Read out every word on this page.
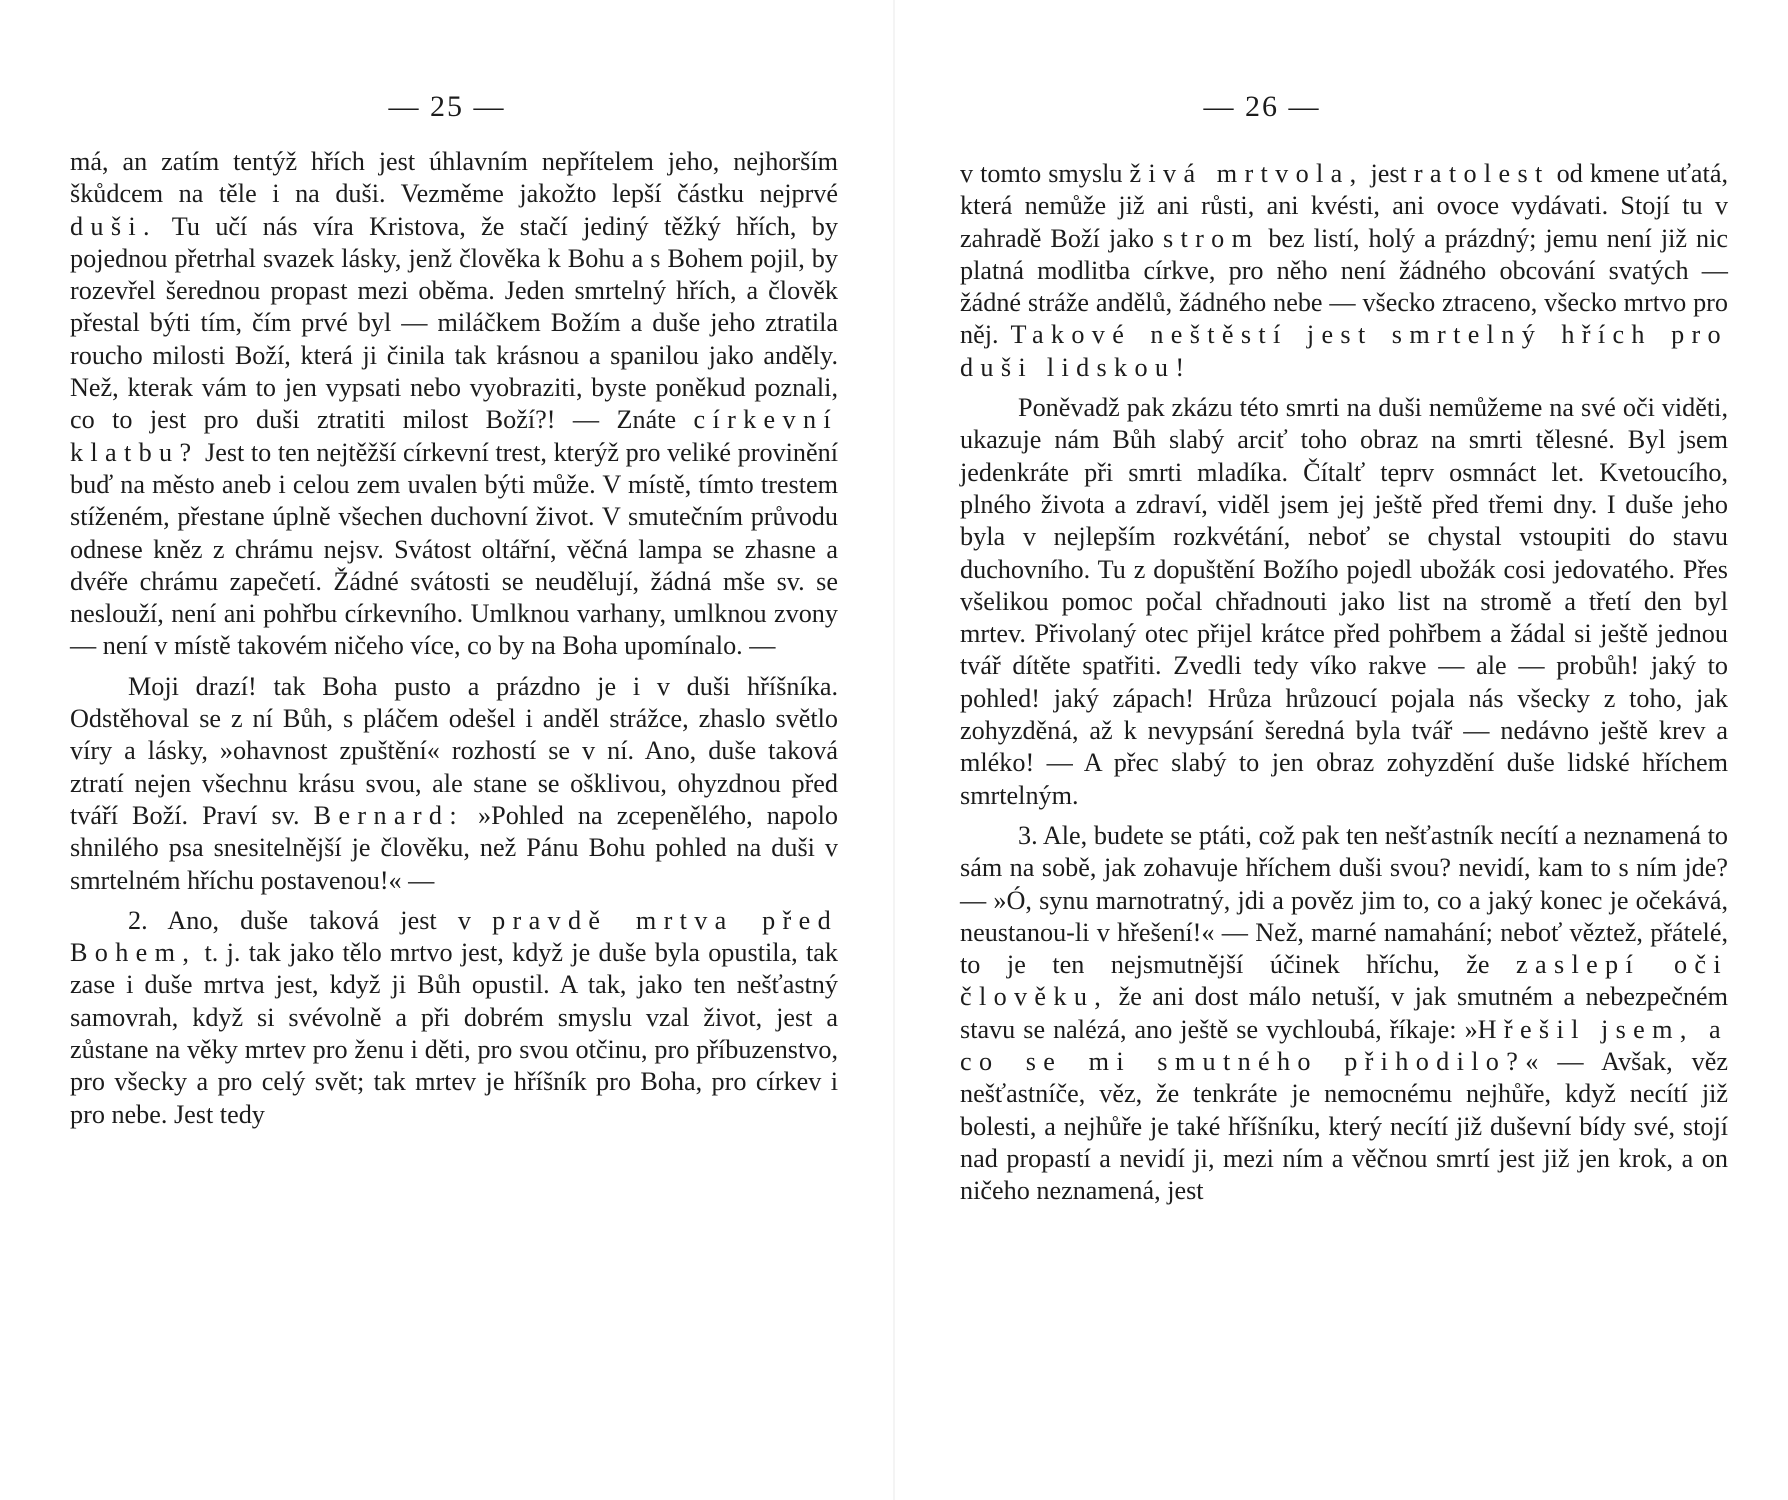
— 25 —

má, an zatím tentýž hřích jest úhlavním nepřítelem jeho, nejhorším škůdcem na těle i na duši. Vezměme jakožto lepší částku nejprvé duši. Tu učí nás víra Kristova, že stačí jediný těžký hřích, by pojednou přetrhal svazek lásky, jenž člověka k Bohu a s Bohem pojil, by rozevřel šerednou propast mezi oběma. Jeden smrtelný hřích, a člověk přestal býti tím, čím prvé byl — miláčkem Božím a duše jeho ztratila roucho milosti Boží, která ji činila tak krásnou a spanilou jako anděly. Než, kterak vám to jen vypsati nebo vyobraziti, byste poněkud poznali, co to jest pro duši ztratiti milost Boží?! — Znáte církevní klatbu? Jest to ten nejtěžší církevní trest, kterýž pro veliké provinění buď na město aneb i celou zem uvalen býti může. V místě, tímto trestem stíženém, přestane úplně všechen duchovní život. V smutečním průvodu odnese kněz z chrámu nejsv. Svátost oltářní, věčná lampa se zhasne a dvéře chrámu zapečetí. Žádné svátosti se neudělují, žádná mše sv. se neslouží, není ani pohřbu církevního. Umlknou varhany, umlknou zvony — není v místě takovém ničeho více, co by na Boha upomínalo. —

Moji drazí! tak Boha pusto a prázdno je i v duši hříšníka. Odstěhoval se z ní Bůh, s pláčem odešel i anděl strážce, zhaslo světlo víry a lásky, »ohavnost zpuštění« rozhostí se v ní. Ano, duše taková ztratí nejen všechnu krásu svou, ale stane se ošklivou, ohyzdnou před tváří Boží. Praví sv. Bernard: »Pohled na zcepenělého, napolo shnilého psa snesitelnější je člověku, než Pánu Bohu pohled na duši v smrtelném hříchu postavenou!« —

2. Ano, duše taková jest v pravdě mrtva před Bohem, t. j. tak jako tělo mrtvo jest, když je duše byla opustila, tak zase i duše mrtva jest, když ji Bůh opustil. A tak, jako ten nešťastný samovrah, když si svévolně a při dobrém smyslu vzal život, jest a zůstane na věky mrtev pro ženu i děti, pro svou otčinu, pro příbuzenstvo, pro všecky a pro celý svět; tak mrtev je hříšník pro Boha, pro církev i pro nebe. Jest tedy

— 26 —

v tomto smyslu živá mrtvola, jest ratolest od kmene uťatá, která nemůže již ani růsti, ani kvésti, ani ovoce vydávati. Stojí tu v zahradě Boží jako strom bez listí, holý a prázdný; jemu není již nic platná modlitba církve, pro něho není žádného obcování svatých — žádné stráže andělů, žádného nebe — všecko ztraceno, všecko mrtvo pro něj. Takové neštěstí jest smrtelný hřích pro duši lidskou!

Poněvadž pak zkázu této smrti na duši nemůžeme na své oči viděti, ukazuje nám Bůh slabý arciť toho obraz na smrti tělesné. Byl jsem jedenkráte při smrti mladíka. Čítalť teprv osmnáct let. Kvetoucího, plného života a zdraví, viděl jsem jej ještě před třemi dny. I duše jeho byla v nejlepším rozkvétání, neboť se chystal vstoupiti do stavu duchovního. Tu z dopuštění Božího pojedl ubožák cosi jedovatého. Přes všelikou pomoc počal chřadnouti jako list na stromě a třetí den byl mrtev. Přivolaný otec přijel krátce před pohřbem a žádal si ještě jednou tvář dítěte spatřiti. Zvedli tedy víko rakve — ale — probůh! jaký to pohled! jaký zápach! Hrůza hrůzoucí pojala nás všecky z toho, jak zohyzděná, až k nevypsání šeredná byla tvář — nedávno ještě krev a mléko! — A přec slabý to jen obraz zohyzdění duše lidské hříchem smrtelným.

3. Ale, budete se ptáti, což pak ten nešťastník necítí a neznamená to sám na sobě, jak zohavuje hříchem duši svou? nevidí, kam to s ním jde? — »Ó, synu marnotratný, jdi a pověz jim to, co a jaký konec je očekává, neustanou-li v hřešení!« — Než, marné namahání; neboť věztež, přátelé, to je ten nejsmutnější účinek hříchu, že zaslepí oči člověku, že ani dost málo netuší, v jak smutném a nebezpečném stavu se nalézá, ano ještě se vychloubá, říkaje: »Hřešil jsem, a co se mi smutného přihodilo?« — Avšak, věz nešťastníče, věz, že tenkráte je nemocnému nejhůře, když necítí již bolesti, a nejhůře je také hříšníku, který necítí již duševní bídy své, stojí nad propastí a nevidí ji, mezi ním a věčnou smrtí jest již jen krok, a on ničeho neznamená, jest
